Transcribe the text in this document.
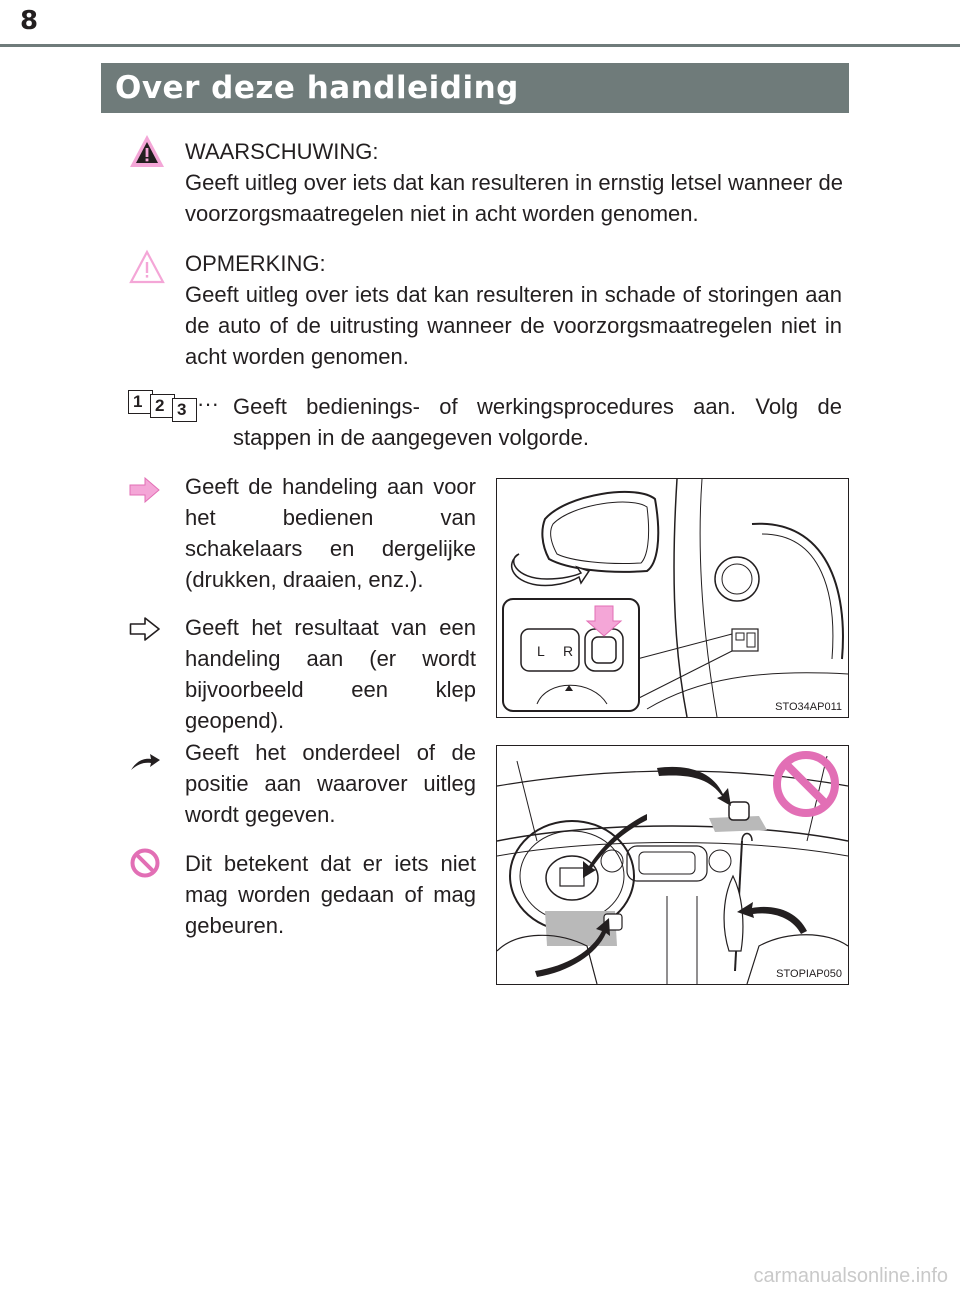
8
Over deze handleiding
WAARSCHUWING:
Geeft uitleg over iets dat kan resulteren in ernstig letsel wanneer de voorzorgsmaatregelen niet in acht worden genomen.
OPMERKING:
Geeft uitleg over iets dat kan resulteren in schade of storingen aan de auto of de uitrusting wanneer de voorzorgsmaatregelen niet in acht worden genomen.
1 2 3 ··· Geeft bedienings- of werkingsprocedures aan. Volg de stappen in de aangegeven volgorde.
Geeft de handeling aan voor het bedienen van schakelaars en dergelijke (drukken, draaien, enz.).
Geeft het resultaat van een handeling aan (er wordt bijvoorbeeld een klep geopend).
L R
STO34AP011
Geeft het onderdeel of de positie aan waarover uitleg wordt gegeven.
Dit betekent dat er iets niet mag worden gedaan of mag gebeuren.
STOPIAP050
carmanualsonline.info
